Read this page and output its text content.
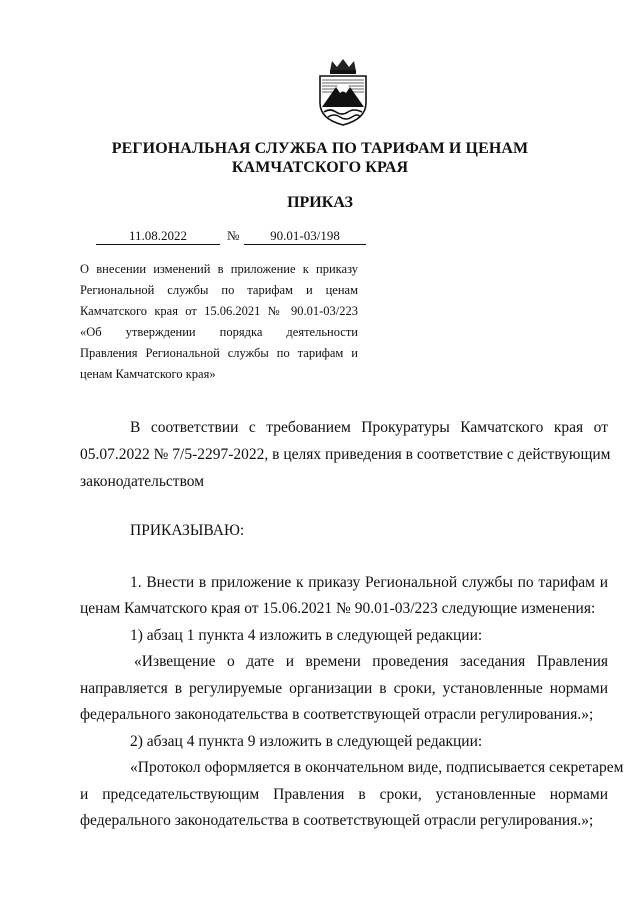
РЕГИОНАЛЬНАЯ СЛУЖБА ПО ТАРИФАМ И ЦЕНАМ
КАМЧАТСКОГО КРАЯ
ПРИКАЗ
11.08.2022	№	90.01-03/198
О внесении изменений в приложение к приказу
Региональной службы по тарифам и ценам
Камчатского края от 15.06.2021 № 90.01-03/223
«Об утверждении порядка деятельности
Правления Региональной службы по тарифам и
ценам Камчатского края»
В соответствии с требованием Прокуратуры Камчатского края от
05.07.2022 № 7/5-2297-2022, в целях приведения в соответствие с действующим
законодательством
ПРИКАЗЫВАЮ:
1. Внести в приложение к приказу Региональной службы по тарифам и
ценам Камчатского края от 15.06.2021 № 90.01-03/223 следующие изменения:
1) абзац 1 пункта 4 изложить в следующей редакции:
«Извещение о дате и времени проведения заседания Правления
направляется в регулируемые организации в сроки, установленные нормами
федерального законодательства в соответствующей отрасли регулирования.»;
2) абзац 4 пункта 9 изложить в следующей редакции:
«Протокол оформляется в окончательном виде, подписывается секретарем
и председательствующим Правления в сроки, установленные нормами
федерального законодательства в соответствующей отрасли регулирования.»;
